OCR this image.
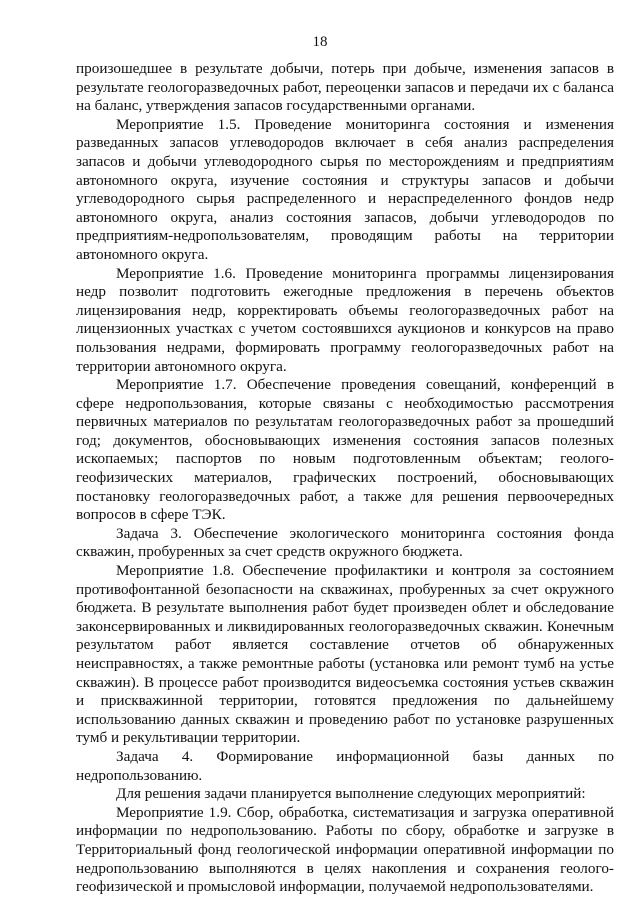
18

произошедшее в результате добычи, потерь при добыче, изменения запасов в результате геологоразведочных работ, переоценки запасов и передачи их с баланса на баланс, утверждения запасов государственными органами.

Мероприятие 1.5. Проведение мониторинга состояния и изменения разведанных запасов углеводородов включает в себя анализ распределения запасов и добычи углеводородного сырья по месторождениям и предприятиям автономного округа, изучение состояния и структуры запасов и добычи углеводородного сырья распределенного и нераспределенного фондов недр автономного округа, анализ состояния запасов, добычи углеводородов по предприятиям-недропользователям, проводящим работы на территории автономного округа.

Мероприятие 1.6. Проведение мониторинга программы лицензирования недр позволит подготовить ежегодные предложения в перечень объектов лицензирования недр, корректировать объемы геологоразведочных работ на лицензионных участках с учетом состоявшихся аукционов и конкурсов на право пользования недрами, формировать программу геологоразведочных работ на территории автономного округа.

Мероприятие 1.7. Обеспечение проведения совещаний, конференций в сфере недропользования, которые связаны с необходимостью рассмотрения первичных материалов по результатам геологоразведочных работ за прошедший год; документов, обосновывающих изменения состояния запасов полезных ископаемых; паспортов по новым подготовленным объектам; геолого-геофизических материалов, графических построений, обосновывающих постановку геологоразведочных работ, а также для решения первоочередных вопросов в сфере ТЭК.

Задача 3. Обеспечение экологического мониторинга состояния фонда скважин, пробуренных за счет средств окружного бюджета.

Мероприятие 1.8. Обеспечение профилактики и контроля за состоянием противофонтанной безопасности на скважинах, пробуренных за счет окружного бюджета. В результате выполнения работ будет произведен облет и обследование законсервированных и ликвидированных геологоразведочных скважин. Конечным результатом работ является составление отчетов об обнаруженных неисправностях, а также ремонтные работы (установка или ремонт тумб на устье скважин). В процессе работ производится видеосъемка состояния устьев скважин и прискважинной территории, готовятся предложения по дальнейшему использованию данных скважин и проведению работ по установке разрушенных тумб и рекультивации территории.

Задача 4. Формирование информационной базы данных по недропользованию.

Для решения задачи планируется выполнение следующих мероприятий:

Мероприятие 1.9. Сбор, обработка, систематизация и загрузка оперативной информации по недропользованию. Работы по сбору, обработке и загрузке в Территориальный фонд геологической информации оперативной информации по недропользованию выполняются в целях накопления и сохранения геолого-геофизической и промысловой информации, получаемой недропользователями.
